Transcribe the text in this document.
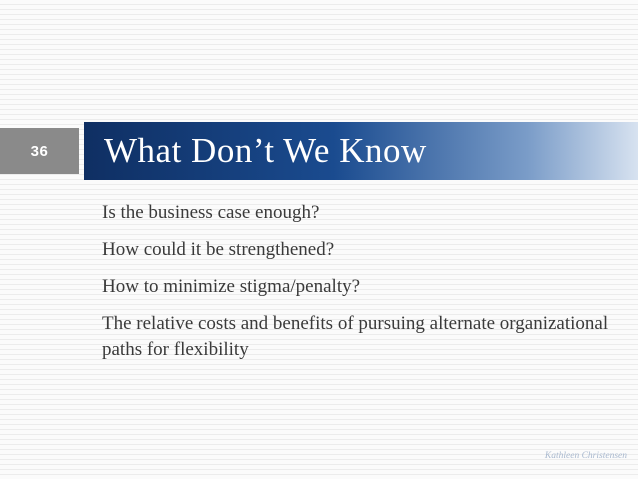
36 What Don’t We Know
Is the business case enough?
How could it be strengthened?
How to minimize stigma/penalty?
The relative costs and benefits of pursuing alternate organizational paths for flexibility
Kathleen Christensen
